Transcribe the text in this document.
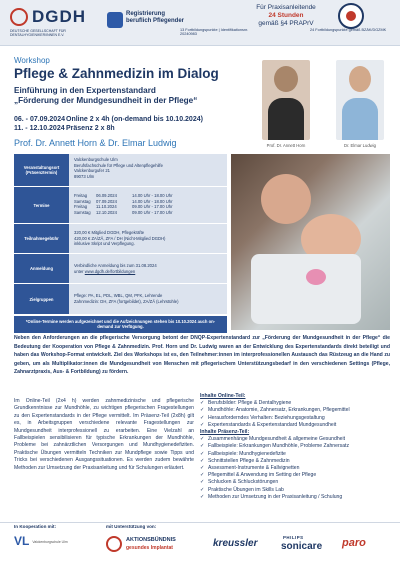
DGDH
DEUTSCHE GESELLSCHAFT FÜR DENTALHYGIENIKER/INNEN E.V.
Registrierung beruflich Pflegender
13 Fortbildungspunkte | Identifikationsnr. 20240983
Für Praxisanleitende
24 Stunden
gemäß §4 PRAPrV
24 Fortbildungspunkte gemäß BZÄK/DGZMK
Workshop
Pflege & Zahnmedizin im Dialog
Einführung in den Expertenstandard
„Förderung der Mundgesundheit in der Pflege“
06. - 07.09.2024 Online 2 x 4h (on-demand bis 10.10.2024)
11. - 12.10.2024 Präsenz 2 x 8h
Prof. Dr. Annett Horn & Dr. Elmar Ludwig	Prof. Dr. Annett Horn	Dr. Elmar Ludwig
Veranstaltungsort (Präsenztermin)
Valckenburgschule Ulm
Berufsfachschule für Pflege und Altenpflegehilfe
Valckenburgufer 21
89073 Ulm
Termine
Freitag	06.09.2024	14.00 Uhr - 18.00 Uhr
Samstag	07.09.2024	14.00 Uhr - 18.00 Uhr
Freitag	11.10.2024	09.00 Uhr - 17.00 Uhr
Samstag	12.10.2024	09.00 Uhr - 17.00 Uhr
Teilnahmegebühr
320,00 € Mitglied DGDH, Pflegekräfte
420,00 € ZA/ZÄ, ZFA / DH (Nicht-Mitglied DGDH)
inklusive Skript und Verpflegung.
Anmeldung
Verbindliche Anmeldung bis zum 31.08.2024
unter www.dgdh.de/fortbildungen
Zielgruppen
Pflege: PA, EL, PDL, WBL, QM, PFK, Lehrende
Zahnmedizin: DH, ZFA (fortgebildet), ZA/ZÄ (Lehrstühle)
*Online-Termine werden aufgezeichnet und die Aufzeichnungen stehen bis 10.10.2024 auch on-demand zur Verfügung.
Neben den Anforderungen an die pflegerische Versorgung betont der DNQP-Expertenstandard zur „Förderung der Mundgesundheit in der Pflege“ die Bedeutung der Kooperation von Pflege & Zahnmedizin. Prof. Horn und Dr. Ludwig waren an der Entwicklung des Expertenstandards direkt beteiligt und haben das Workshop-Format entwickelt. Ziel des Workshops ist es, den Teilnehmer:innen im interprofessionellen Austausch das Rüstzeug an die Hand zu geben, um als Multiplikator:innen die Mundgesundheit von Menschen mit pflegerischem Unterstützungsbedarf in den verschiedenen Settings (Pflege, Zahnarztpraxis, Aus- & Fortbildung) zu fördern.
Im Online-Teil (2x4 h) werden zahnmedizinische und pflegerische Grundkenntnisse zur Mundhöhle, zu wichtigen pflegerischen Fragestellungen zu den Expertenstandards in der Pflege vermittelt. Im Präsenz-Teil (2x8h) gilt es, in Arbeitsgruppen verschiedene relevante Fragestellungen zur Mundgesundheit interprofessionell zu erarbeiten. Eine Vielzahl an Fallbeispielen sensibilisieren für typische Erkrankungen der Mundhöhle, Probleme bei zahnärztlichen Versorgungen und Mundhygienedefiziten. Praktische Übungen vermitteln Techniken zur Mundpflege sowie Tipps und Tricks bei verschiedenen Ausgangssituationen. Es werden zudem bewährte Methoden zur Umsetzung der Praxisanleitung und für Schulungen erläutert.
Inhalte Online-Teil:
✓ Berufsbilder: Pflege & Dentalhygiene
✓ Mundhöhle: Anatomie, Zahnersatz, Erkrankungen, Pflegemittel
✓ Herausforderndes Verhalten: Beziehungsgestaltung
✓ Expertenstandards & Expertenstandard Mundgesundheit
Inhalte Präsenz-Teil:
✓ Zusammenhänge Mundgesundheit & allgemeine Gesundheit
✓ Fallbeispiele: Erkrankungen Mundhöhle, Probleme Zahnersatz
✓ Fallbeispiele: Mundhygienedefizite
✓ Schnittstellen Pflege & Zahnmedizin
✓ Assessment-Instrumente & Fallvignetten
✓ Pflegemittel & Anwendung im Setting der Pflege
✓ Schlucken & Schluckstörungen
✓ Praktische Übungen im Skills Lab
✓ Methoden zur Umsetzung in der Praxisanleitung / Schulung
In Kooperation mit:	mit Unterstützung von:
VL Valckenburgschule Ulm	AKTIONSBÜNDNIS
gesundes Implantat	kreussler
PHILIPS
sonicare paro
